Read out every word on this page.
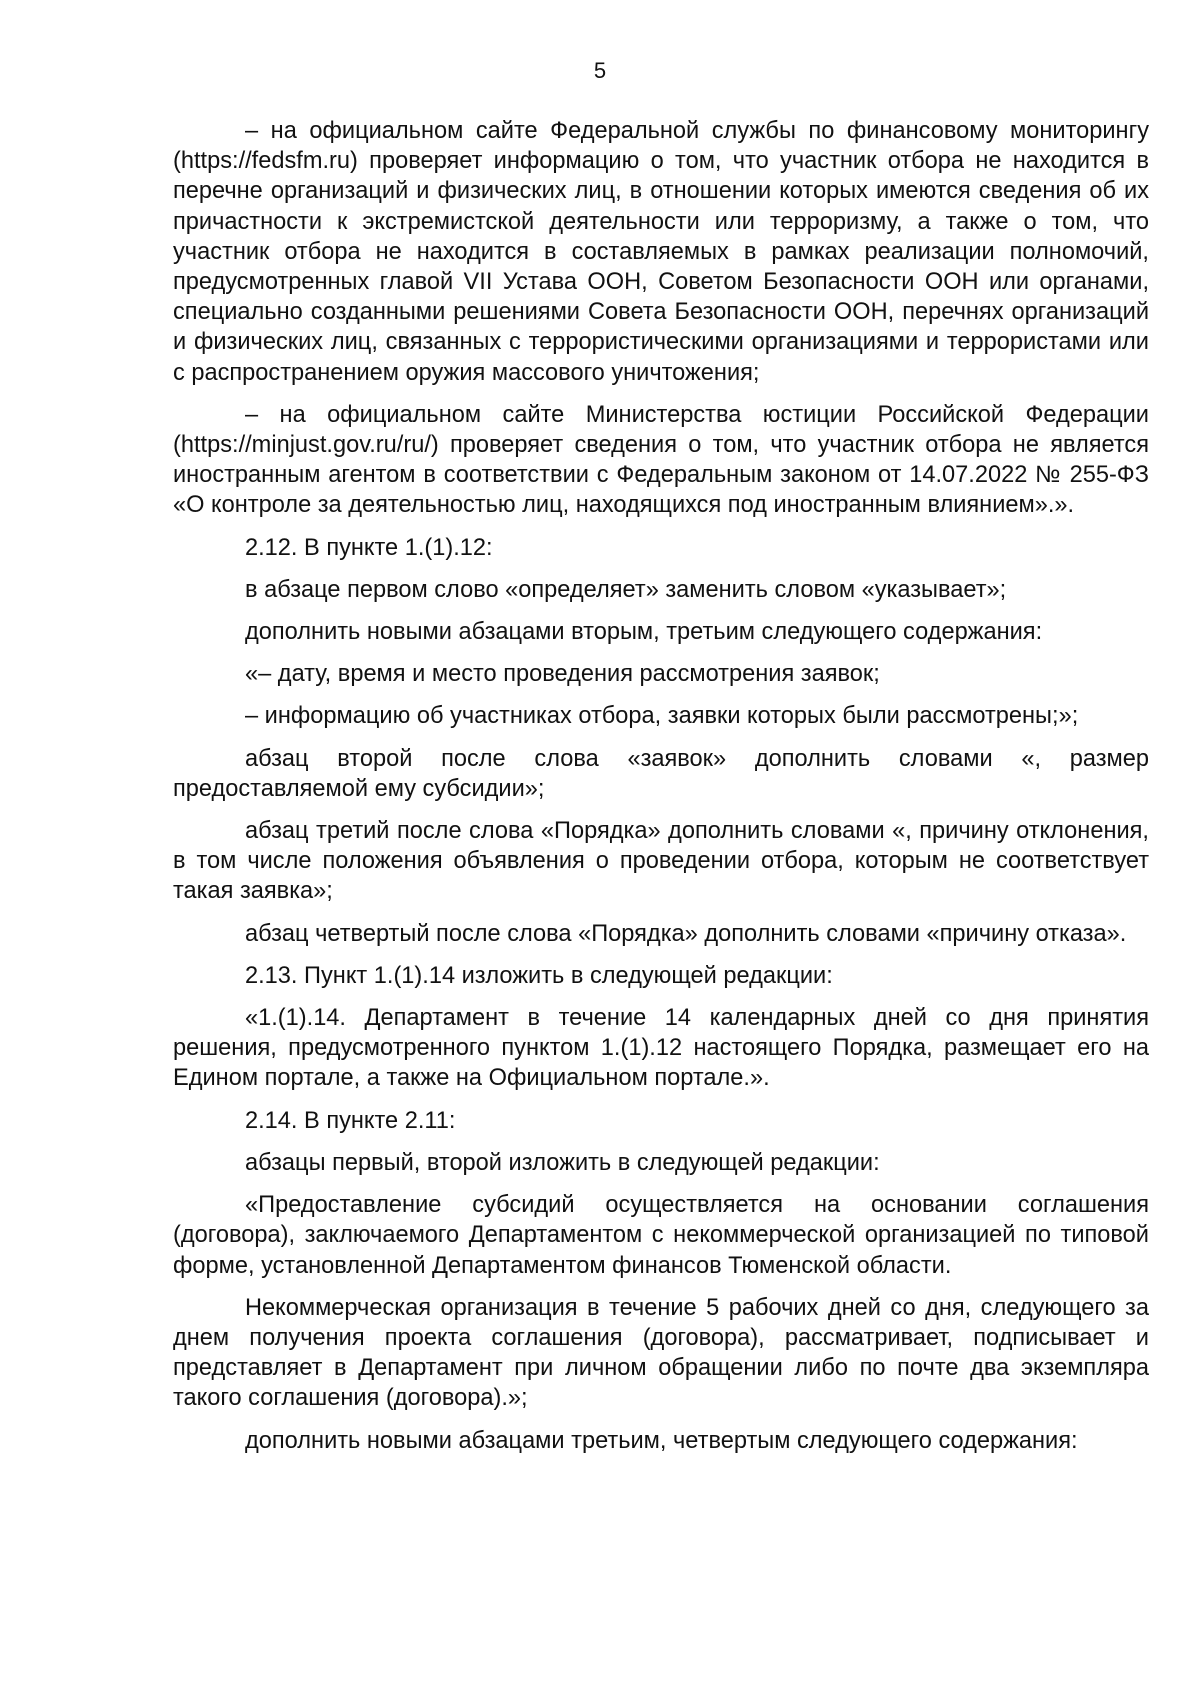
5

– на официальном сайте Федеральной службы по финансовому мониторингу (https://fedsfm.ru) проверяет информацию о том, что участник отбора не находится в перечне организаций и физических лиц, в отношении которых имеются сведения об их причастности к экстремистской деятельности или терроризму, а также о том, что участник отбора не находится в составляемых в рамках реализации полномочий, предусмотренных главой VII Устава ООН, Советом Безопасности ООН или органами, специально созданными решениями Совета Безопасности ООН, перечнях организаций и физических лиц, связанных с террористическими организациями и террористами или с распространением оружия массового уничтожения;

– на официальном сайте Министерства юстиции Российской Федерации (https://minjust.gov.ru/ru/) проверяет сведения о том, что участник отбора не является иностранным агентом в соответствии с Федеральным законом от 14.07.2022 № 255-ФЗ «О контроле за деятельностью лиц, находящихся под иностранным влиянием».».

2.12. В пункте 1.(1).12:

в абзаце первом слово «определяет» заменить словом «указывает»;

дополнить новыми абзацами вторым, третьим следующего содержания:

«– дату, время и место проведения рассмотрения заявок;

– информацию об участниках отбора, заявки которых были рассмотрены;»;

абзац второй после слова «заявок» дополнить словами «, размер предоставляемой ему субсидии»;

абзац третий после слова «Порядка» дополнить словами «, причину отклонения, в том числе положения объявления о проведении отбора, которым не соответствует такая заявка»;

абзац четвертый после слова «Порядка» дополнить словами «причину отказа».

2.13. Пункт 1.(1).14 изложить в следующей редакции:

«1.(1).14. Департамент в течение 14 календарных дней со дня принятия решения, предусмотренного пунктом 1.(1).12 настоящего Порядка, размещает его на Едином портале, а также на Официальном портале.».

2.14. В пункте 2.11:

абзацы первый, второй изложить в следующей редакции:

«Предоставление субсидий осуществляется на основании соглашения (договора), заключаемого Департаментом с некоммерческой организацией по типовой форме, установленной Департаментом финансов Тюменской области.

Некоммерческая организация в течение 5 рабочих дней со дня, следующего за днем получения проекта соглашения (договора), рассматривает, подписывает и представляет в Департамент при личном обращении либо по почте два экземпляра такого соглашения (договора).»;

дополнить новыми абзацами третьим, четвертым следующего содержания:
